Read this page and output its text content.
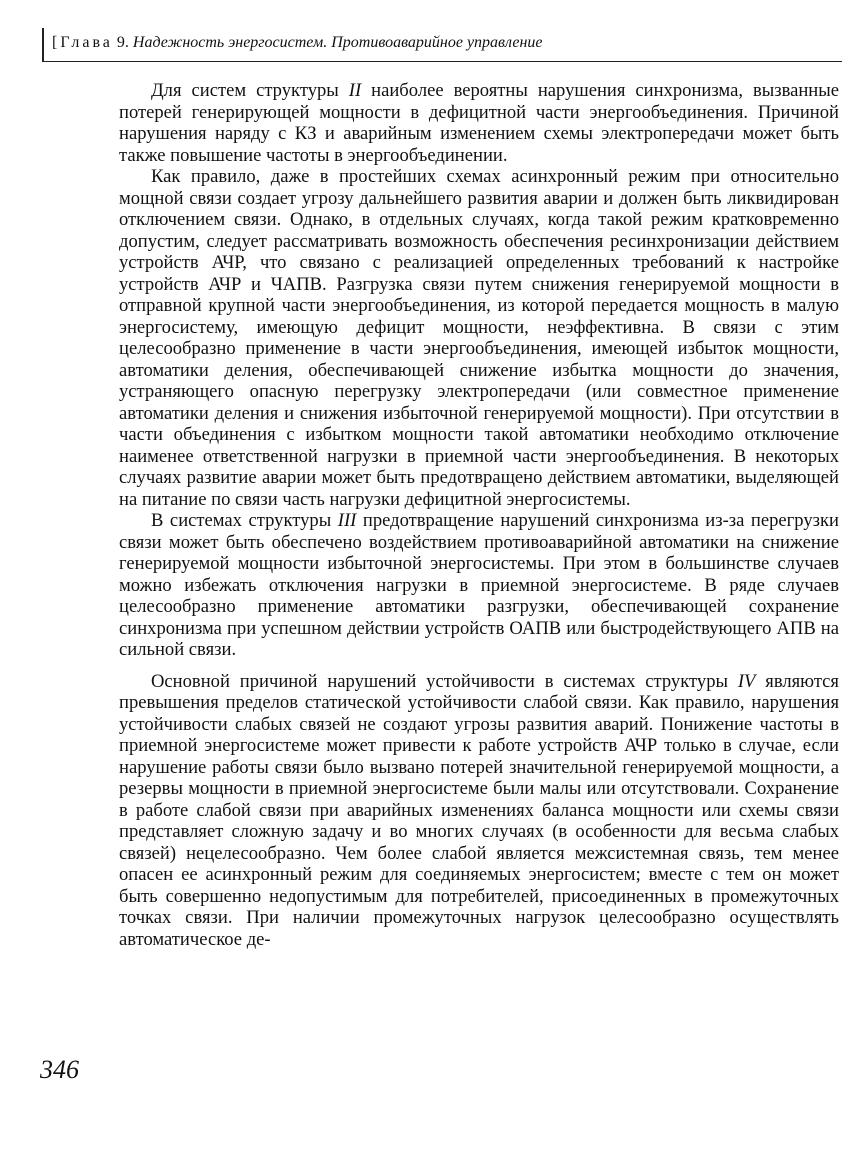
[Глава 9. Надежность энергосистем. Противоаварийное управление

Для систем структуры II наиболее вероятны нарушения синхронизма, вызванные потерей генерирующей мощности в дефицитной части энергообъединения. Причиной нарушения наряду с КЗ и аварийным изменением схемы электропередачи может быть также повышение частоты в энергообъединении.

Как правило, даже в простейших схемах асинхронный режим при относительно мощной связи создает угрозу дальнейшего развития аварии и должен быть ликвидирован отключением связи. Однако, в отдельных случаях, когда такой режим кратковременно допустим, следует рассматривать возможность обеспечения ресинхронизации действием устройств АЧР, что связано с реализацией определенных требований к настройке устройств АЧР и ЧАПВ. Разгрузка связи путем снижения генерируемой мощности в отправной крупной части энергообъединения, из которой передается мощность в малую энергосистему, имеющую дефицит мощности, неэффективна. В связи с этим целесообразно применение в части энергообъединения, имеющей избыток мощности, автоматики деления, обеспечивающей снижение избытка мощности до значения, устраняющего опасную перегрузку электропередачи (или совместное применение автоматики деления и снижения избыточной генерируемой мощности). При отсутствии в части объединения с избытком мощности такой автоматики необходимо отключение наименее ответственной нагрузки в приемной части энергообъединения. В некоторых случаях развитие аварии может быть предотвращено действием автоматики, выделяющей на питание по связи часть нагрузки дефицитной энергосистемы.

В системах структуры III предотвращение нарушений синхронизма из-за перегрузки связи может быть обеспечено воздействием противоаварийной автоматики на снижение генерируемой мощности избыточной энергосистемы. При этом в большинстве случаев можно избежать отключения нагрузки в приемной энергосистеме. В ряде случаев целесообразно применение автоматики разгрузки, обеспечивающей сохранение синхронизма при успешном действии устройств ОАПВ или быстродействующего АПВ на сильной связи.

Основной причиной нарушений устойчивости в системах структуры IV являются превышения пределов статической устойчивости слабой связи. Как правило, нарушения устойчивости слабых связей не создают угрозы развития аварий. Понижение частоты в приемной энергосистеме может привести к работе устройств АЧР только в случае, если нарушение работы связи было вызвано потерей значительной генерируемой мощности, а резервы мощности в приемной энергосистеме были малы или отсутствовали. Сохранение в работе слабой связи при аварийных изменениях баланса мощности или схемы связи представляет сложную задачу и во многих случаях (в особенности для весьма слабых связей) нецелесообразно. Чем более слабой является межсистемная связь, тем менее опасен ее асинхронный режим для соединяемых энергосистем; вместе с тем он может быть совершенно недопустимым для потребителей, присоединенных в промежуточных точках связи. При наличии промежуточных нагрузок целесообразно осуществлять автоматическое де-

346
